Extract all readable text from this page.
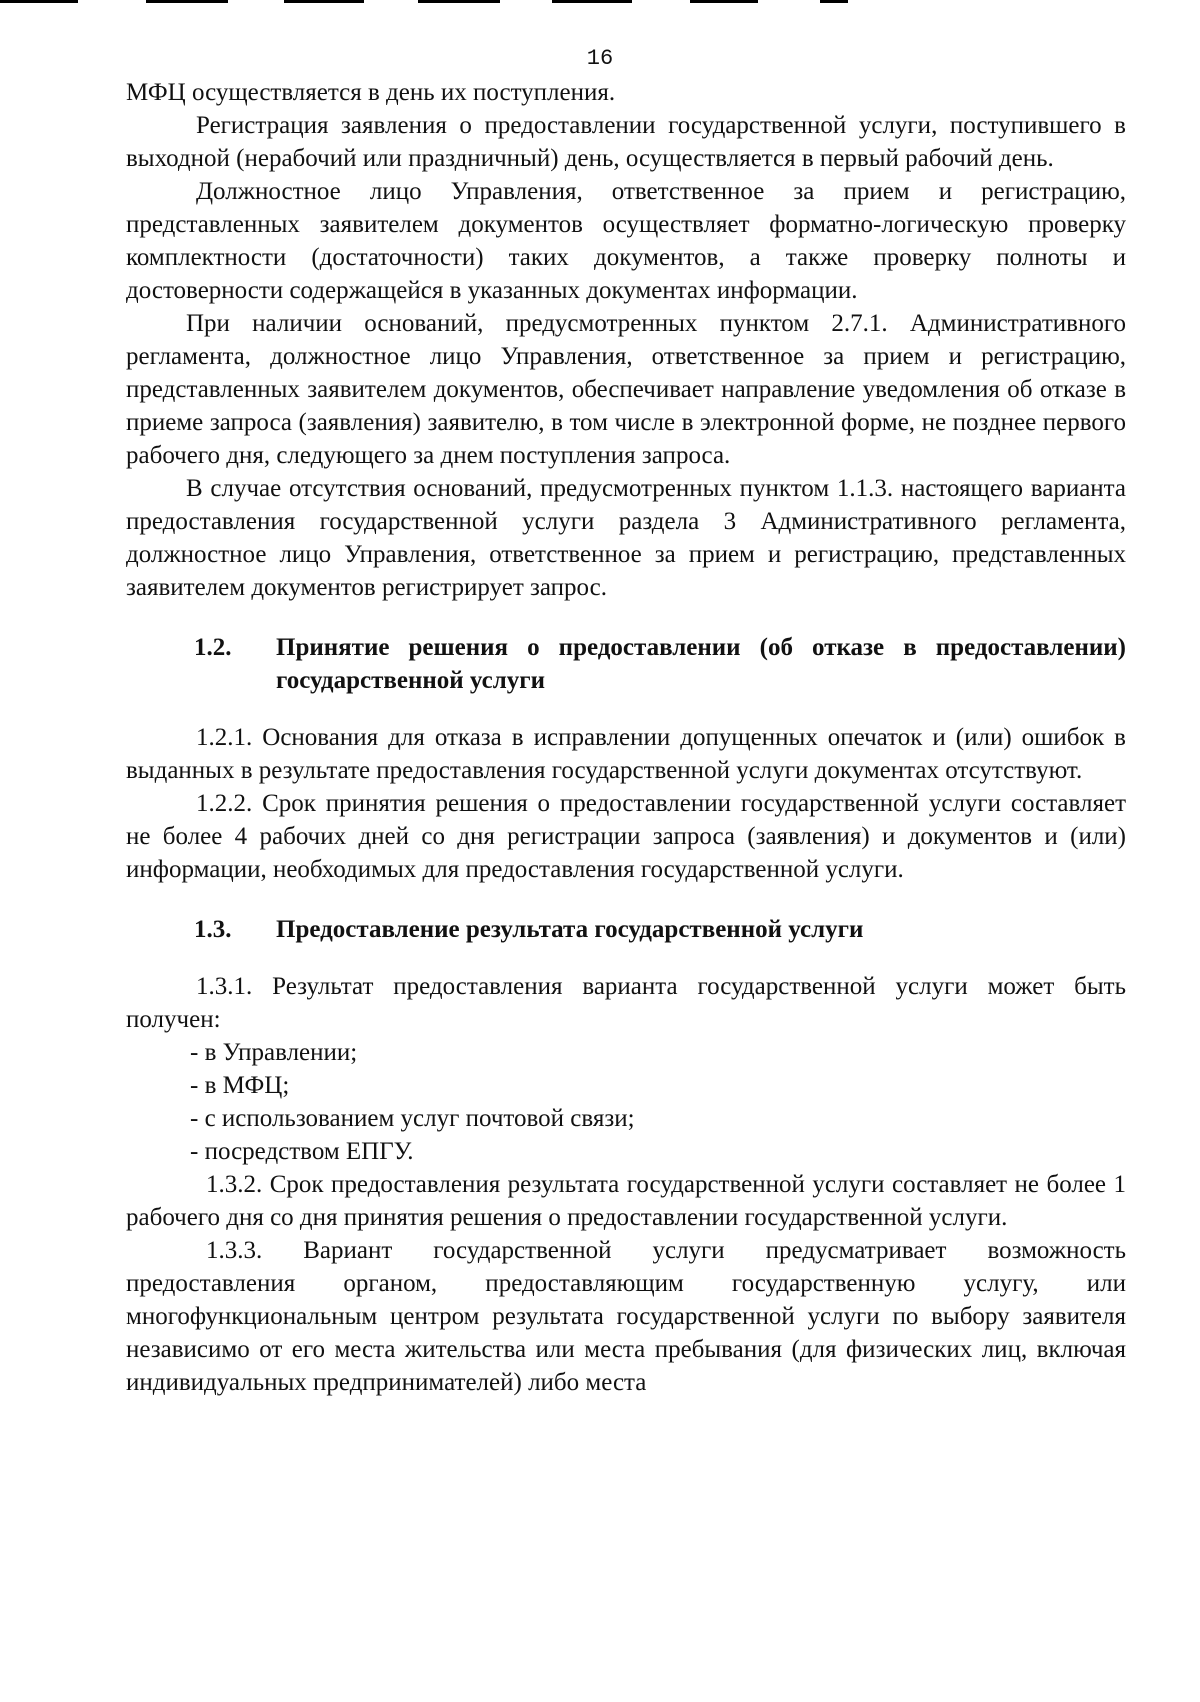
16

МФЦ осуществляется в день их поступления.

Регистрация заявления о предоставлении государственной услуги, поступившего в выходной (нерабочий или праздничный) день, осуществляется в первый рабочий день.

Должностное лицо Управления, ответственное за прием и регистрацию, представленных заявителем документов осуществляет форматно-логическую проверку комплектности (достаточности) таких документов, а также проверку полноты и достоверности содержащейся в указанных документах информации.

При наличии оснований, предусмотренных пунктом 2.7.1. Административного регламента, должностное лицо Управления, ответственное за прием и регистрацию, представленных заявителем документов, обеспечивает направление уведомления об отказе в приеме запроса (заявления) заявителю, в том числе в электронной форме, не позднее первого рабочего дня, следующего за днем поступления запроса.

В случае отсутствия оснований, предусмотренных пунктом 1.1.3. настоящего варианта предоставления государственной услуги раздела 3 Административного регламента, должностное лицо Управления, ответственное за прием и регистрацию, представленных заявителем документов регистрирует запрос.

1.2.	Принятие решения о предоставлении (об отказе в предоставлении) государственной услуги

1.2.1. Основания для отказа в исправлении допущенных опечаток и (или) ошибок в выданных в результате предоставления государственной услуги документах отсутствуют.

1.2.2. Срок принятия решения о предоставлении государственной услуги составляет не более 4 рабочих дней со дня регистрации запроса (заявления) и документов и (или) информации, необходимых для предоставления государственной услуги.

1.3.	Предоставление результата государственной услуги

1.3.1. Результат предоставления варианта государственной услуги может быть получен:

- в Управлении;

- в МФЦ;

- с использованием услуг почтовой связи;

- посредством ЕПГУ.

1.3.2. Срок предоставления результата государственной услуги составляет не более 1 рабочего дня со дня принятия решения о предоставлении государственной услуги.

1.3.3. Вариант государственной услуги предусматривает возможность предоставления органом, предоставляющим государственную услугу, или многофункциональным центром результата государственной услуги по выбору заявителя независимо от его места жительства или места пребывания (для физических лиц, включая индивидуальных предпринимателей) либо места
